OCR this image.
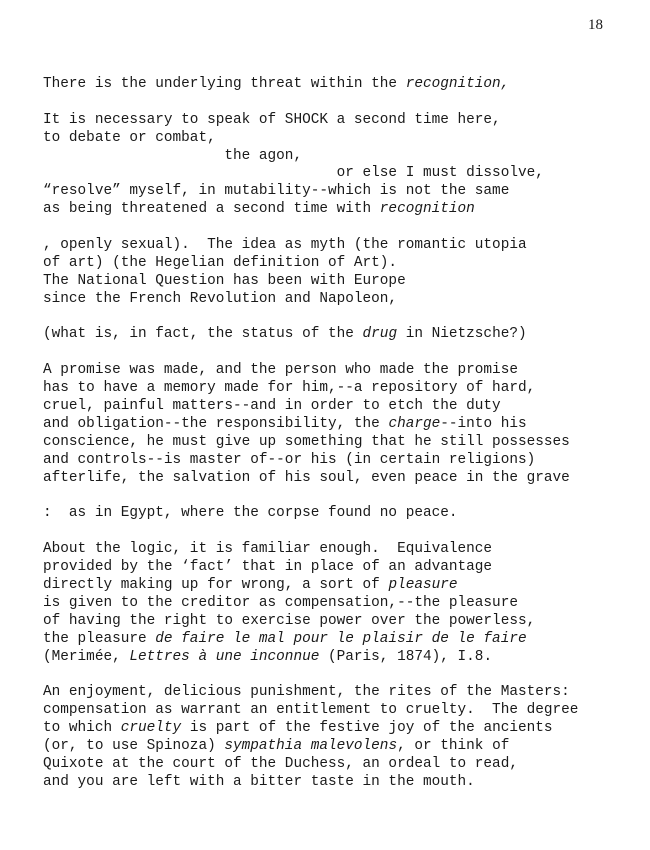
18
There is the underlying threat within the recognition,
It is necessary to speak of SHOCK a second time here,
to debate or combat,
the agon,
or else I must dissolve,
“resolve” myself, in mutability--which is not the same
as being threatened a second time with recognition
, openly sexual).  The idea as myth (the romantic utopia
of art) (the Hegelian definition of Art).
The National Question has been with Europe
since the French Revolution and Napoleon,
(what is, in fact, the status of the drug in Nietzsche?)
A promise was made, and the person who made the promise
has to have a memory made for him,--a repository of hard,
cruel, painful matters--and in order to etch the duty
and obligation--the responsibility, the charge--into his
conscience, he must give up something that he still possesses
and controls--is master of--or his (in certain religions)
afterlife, the salvation of his soul, even peace in the grave
:  as in Egypt, where the corpse found no peace.
About the logic, it is familiar enough.  Equivalence
provided by the ‘fact’ that in place of an advantage
directly making up for wrong, a sort of pleasure
is given to the creditor as compensation,--the pleasure
of having the right to exercise power over the powerless,
the pleasure de faire le mal pour le plaisir de le faire
(Merimée, Lettres à une inconnue (Paris, 1874), I.8.
An enjoyment, delicious punishment, the rites of the Masters:
compensation as warrant an entitlement to cruelty.  The degree
to which cruelty is part of the festive joy of the ancients
(or, to use Spinoza) sympathia malevolens, or think of
Quixote at the court of the Duchess, an ordeal to read,
and you are left with a bitter taste in the mouth.
